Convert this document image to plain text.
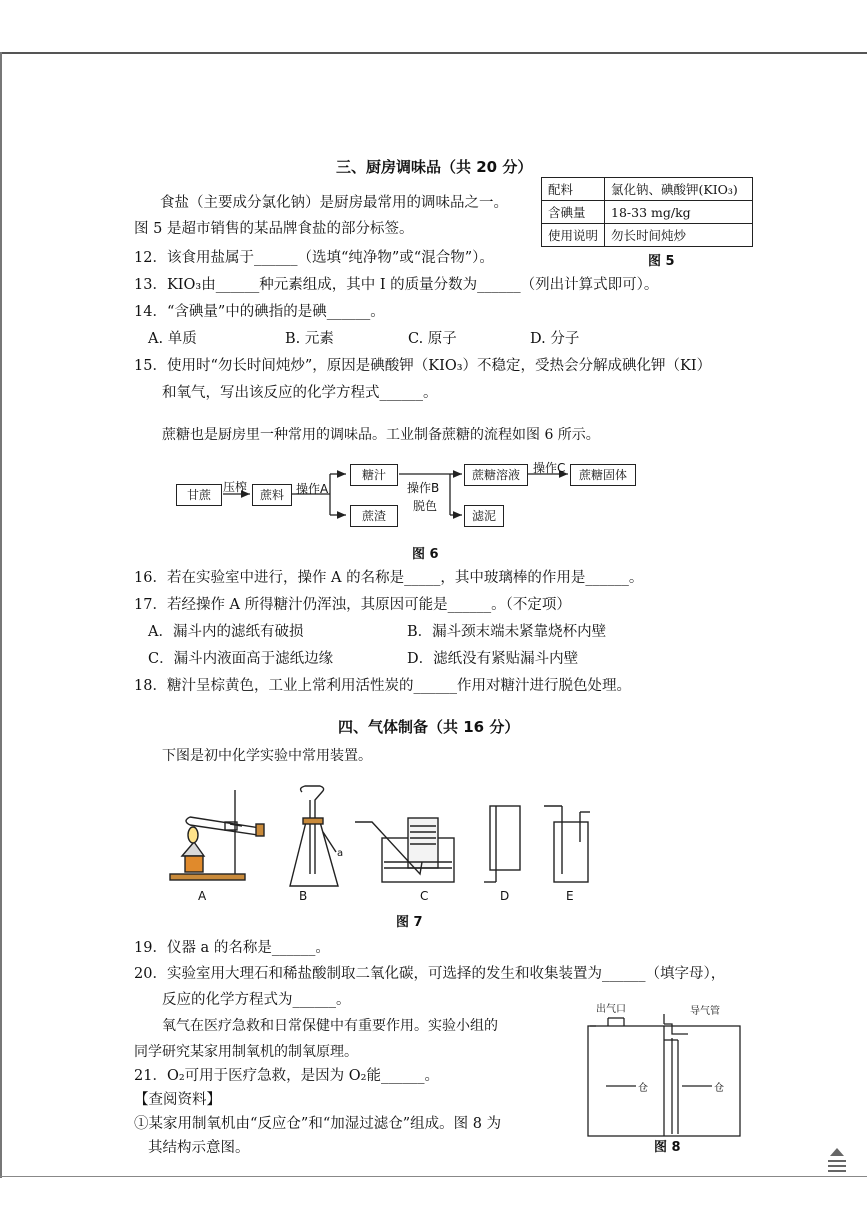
三、厨房调味品（共 20 分）
食盐（主要成分氯化钠）是厨房最常用的调味品之一。
图 5 是超市销售的某品牌食盐的部分标签。
配料	氯化钠、碘酸钾(KIO₃)
含碘量	18-33 mg/kg
使用说明	勿长时间炖炒
图 5
12．该食用盐属于______（选填“纯净物”或“混合物”）。
13．KIO₃由______种元素组成，其中 I 的质量分数为______（列出计算式即可）。
14．“含碘量”中的碘指的是碘______。
A. 单质	B. 元素	C. 原子	D. 分子
15．使用时“勿长时间炖炒”，原因是碘酸钾（KIO₃）不稳定，受热会分解成碘化钾（KI）
和氧气，写出该反应的化学方程式______。
蔗糖也是厨房里一种常用的调味品。工业制备蔗糖的流程如图 6 所示。
甘蔗
压榨
蔗料	操作A
糖汁
蔗渣
操作B
脱色
蔗糖溶液
滤泥
操作C	蔗糖固体
图 6
16．若在实验室中进行，操作 A 的名称是_____，其中玻璃棒的作用是______。
17．若经操作 A 所得糖汁仍浑浊，其原因可能是______。（不定项）
A．漏斗内的滤纸有破损	B．漏斗颈末端未紧靠烧杯内壁
C．漏斗内液面高于滤纸边缘	D．滤纸没有紧贴漏斗内壁
18．糖汁呈棕黄色，工业上常利用活性炭的______作用对糖汁进行脱色处理。
四、气体制备（共 16 分）
下图是初中化学实验中常用装置。
a
A	B	C	D	E
图 7
19．仪器 a 的名称是______。
20．实验室用大理石和稀盐酸制取二氧化碳，可选择的发生和收集装置为______（填字母），
反应的化学方程式为______。
氧气在医疗急救和日常保健中有重要作用。实验小组的
同学研究某家用制氧机的制氧原理。
21．O₂可用于医疗急救，是因为 O₂能______。
【查阅资料】
①某家用制氧机由“反应仓”和“加湿过滤仓”组成。图 8 为
其结构示意图。
出气口	导气管
仓	仓
图 8
